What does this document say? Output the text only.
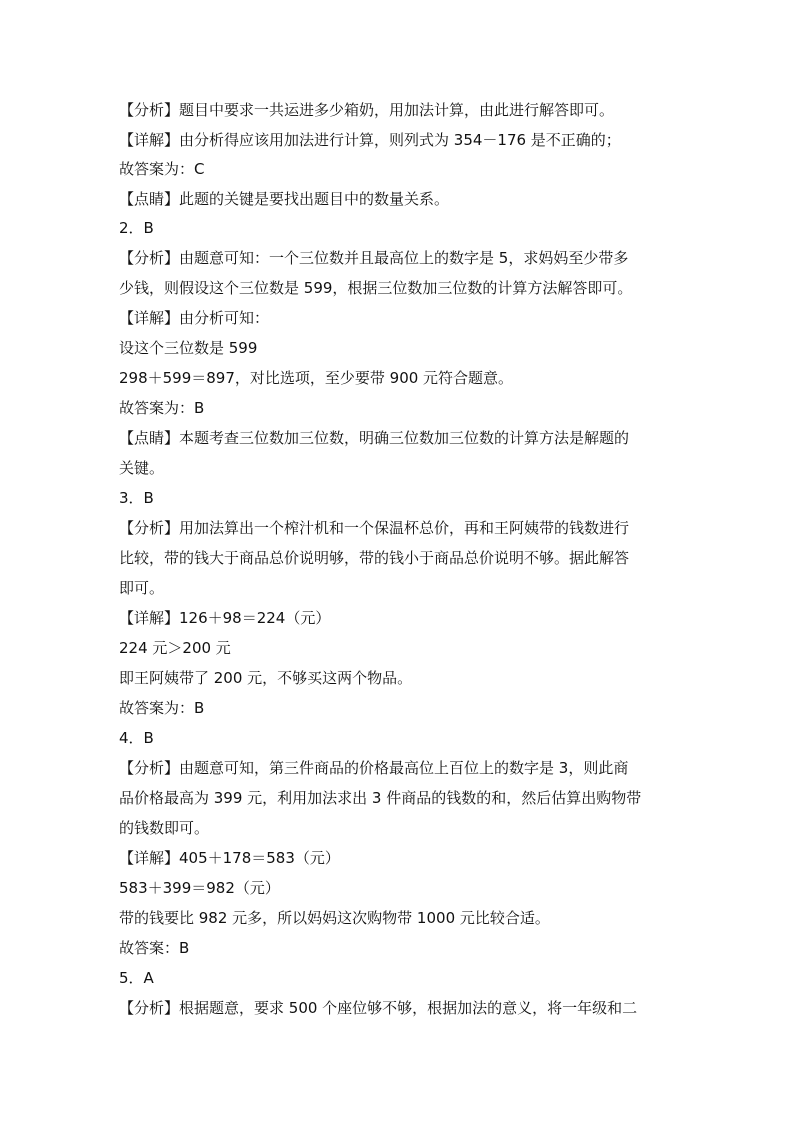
【分析】题目中要求一共运进多少箱奶，用加法计算，由此进行解答即可。
【详解】由分析得应该用加法进行计算，则列式为 354－176 是不正确的；
故答案为：C
【点睛】此题的关键是要找出题目中的数量关系。
2．B
【分析】由题意可知：一个三位数并且最高位上的数字是 5，求妈妈至少带多
少钱，则假设这个三位数是 599，根据三位数加三位数的计算方法解答即可。
【详解】由分析可知：
设这个三位数是 599
298＋599＝897，对比选项，至少要带 900 元符合题意。
故答案为：B
【点睛】本题考查三位数加三位数，明确三位数加三位数的计算方法是解题的
关键。
3．B
【分析】用加法算出一个榨汁机和一个保温杯总价，再和王阿姨带的钱数进行
比较，带的钱大于商品总价说明够，带的钱小于商品总价说明不够。据此解答
即可。
【详解】126＋98＝224（元）
224 元＞200 元
即王阿姨带了 200 元，不够买这两个物品。
故答案为：B
4．B
【分析】由题意可知，第三件商品的价格最高位上百位上的数字是 3，则此商
品价格最高为 399 元，利用加法求出 3 件商品的钱数的和，然后估算出购物带
的钱数即可。
【详解】405＋178＝583（元）
583＋399＝982（元）
带的钱要比 982 元多，所以妈妈这次购物带 1000 元比较合适。
故答案：B
5．A
【分析】根据题意，要求 500 个座位够不够，根据加法的意义，将一年级和二
